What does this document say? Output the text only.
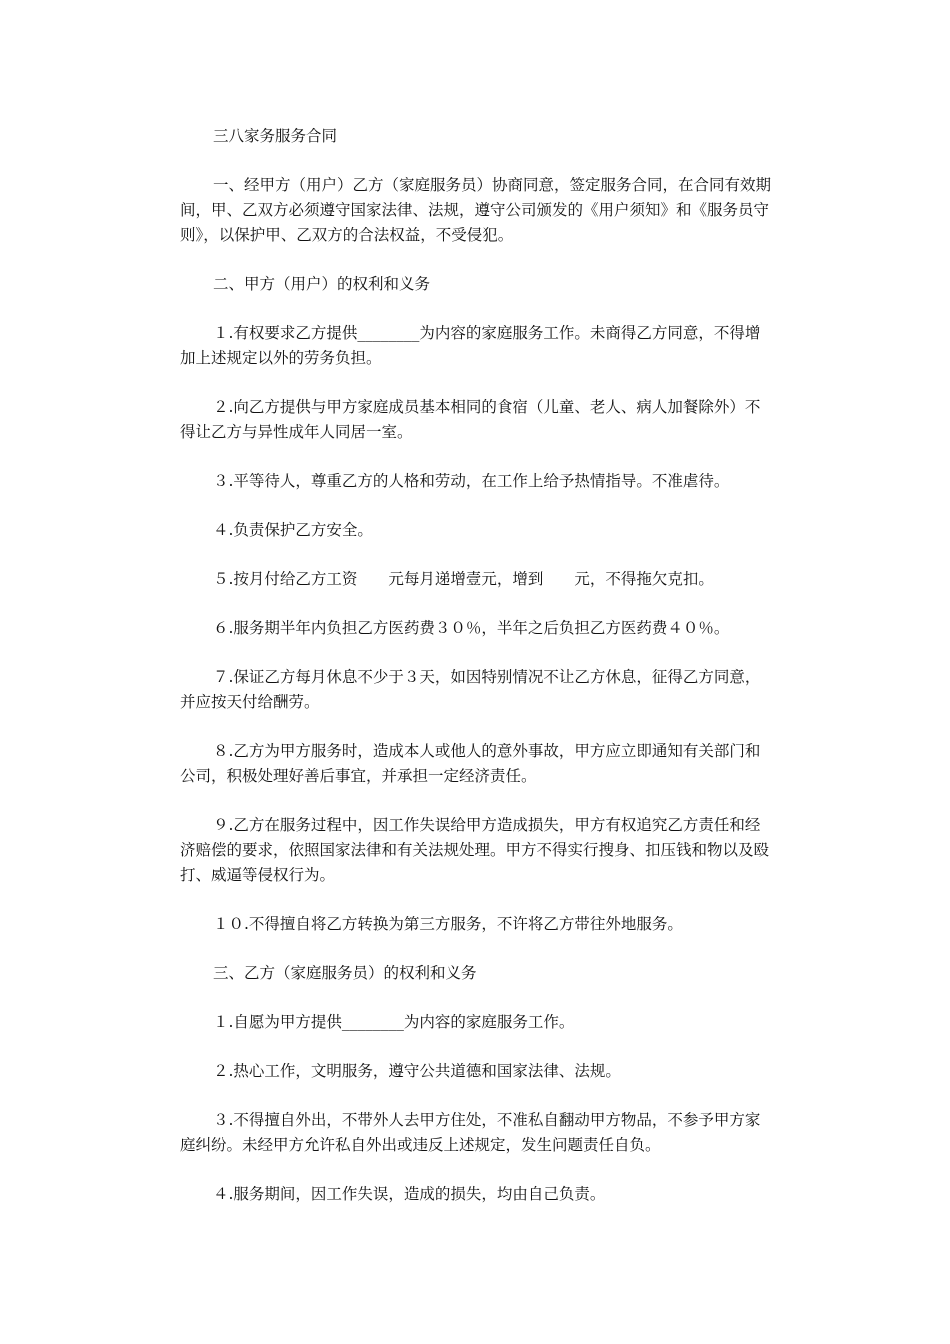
三八家务服务合同

一、经甲方（用户）乙方（家庭服务员）协商同意，签定服务合同，在合同有效期间，甲、乙双方必须遵守国家法律、法规，遵守公司颁发的《用户须知》和《服务员守则》，以保护甲、乙双方的合法权益，不受侵犯。

二、甲方（用户）的权利和义务

１.有权要求乙方提供________为内容的家庭服务工作。未商得乙方同意，不得增加上述规定以外的劳务负担。

２.向乙方提供与甲方家庭成员基本相同的食宿（儿童、老人、病人加餐除外）不得让乙方与异性成年人同居一室。

３.平等待人，尊重乙方的人格和劳动，在工作上给予热情指导。不准虐待。

４.负责保护乙方安全。

５.按月付给乙方工资　　元每月递增壹元，增到　　元，不得拖欠克扣。

６.服务期半年内负担乙方医药费３０％，半年之后负担乙方医药费４０％。

７.保证乙方每月休息不少于３天，如因特别情况不让乙方休息，征得乙方同意，并应按天付给酬劳。

８.乙方为甲方服务时，造成本人或他人的意外事故，甲方应立即通知有关部门和公司，积极处理好善后事宜，并承担一定经济责任。

９.乙方在服务过程中，因工作失误给甲方造成损失，甲方有权追究乙方责任和经济赔偿的要求，依照国家法律和有关法规处理。甲方不得实行搜身、扣压钱和物以及殴打、威逼等侵权行为。

１０.不得擅自将乙方转换为第三方服务，不许将乙方带往外地服务。

三、乙方（家庭服务员）的权利和义务

１.自愿为甲方提供________为内容的家庭服务工作。

２.热心工作，文明服务，遵守公共道德和国家法律、法规。

３.不得擅自外出，不带外人去甲方住处，不准私自翻动甲方物品，不参予甲方家庭纠纷。未经甲方允许私自外出或违反上述规定，发生问题责任自负。

４.服务期间，因工作失误，造成的损失，均由自己负责。
